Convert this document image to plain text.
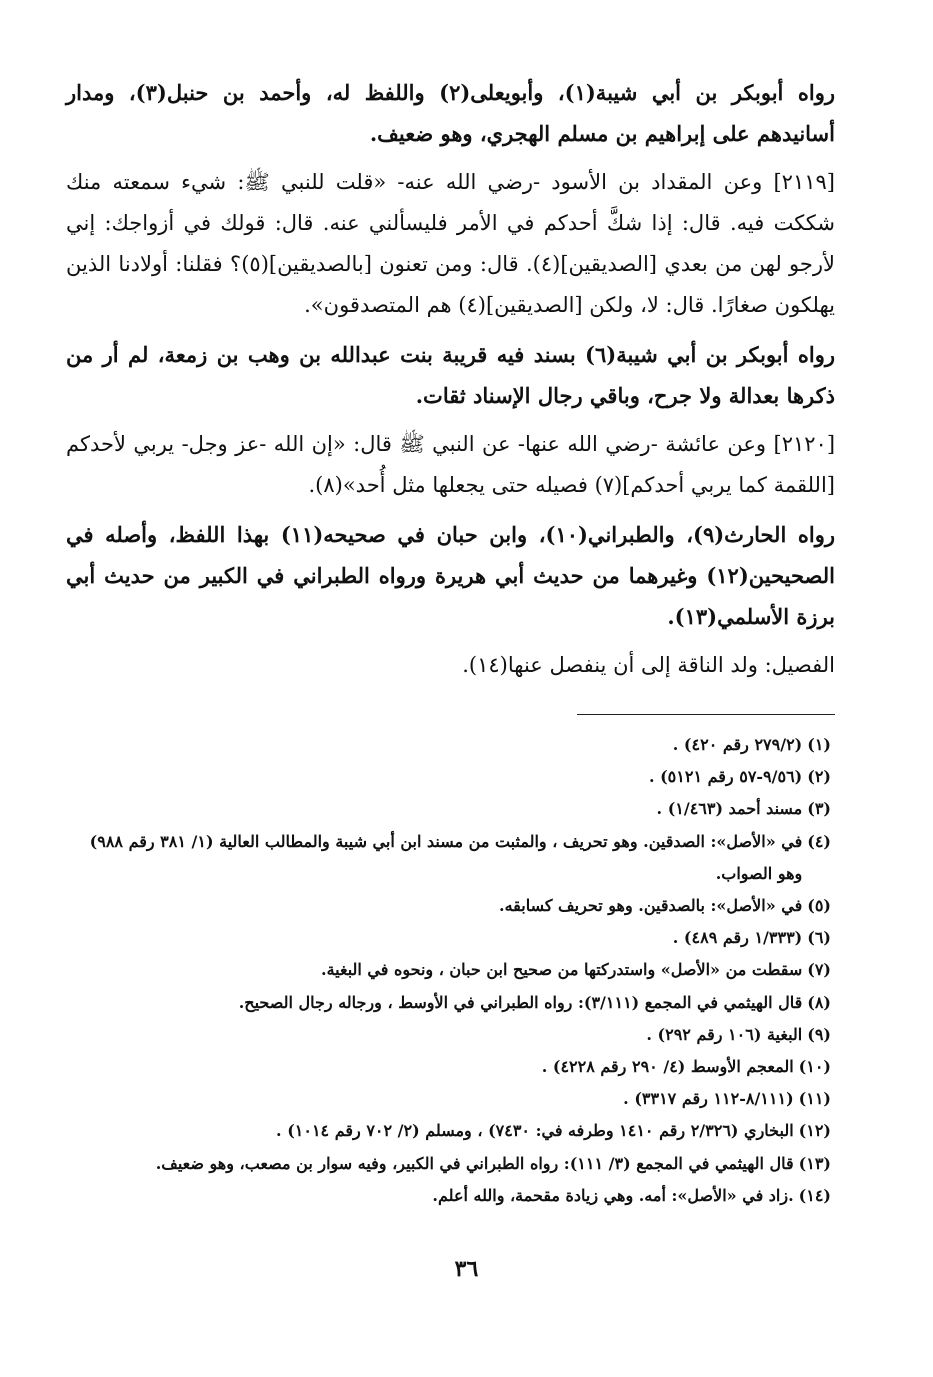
رواه أبوبكر بن أبي شيبة(١)، وأبويعلى(٢) واللفظ له، وأحمد بن حنبل(٣)، ومدار أسانيدهم على إبراهيم بن مسلم الهجري، وهو ضعيف.

[٢١١٩] وعن المقداد بن الأسود -رضي الله عنه- «قلت للنبي ﷺ: شيء سمعته منك شككت فيه. قال: إذا شكَّ أحدكم في الأمر فليسألني عنه. قال: قولك في أزواجك: إني لأرجو لهن من بعدي [الصديقين](٤). قال: ومن تعنون [بالصديقين](٥)؟ فقلنا: أولادنا الذين يهلكون صغارًا. قال: لا، ولكن [الصديقين](٤) هم المتصدقون».

رواه أبوبكر بن أبي شيبة(٦) بسند فيه قريبة بنت عبدالله بن وهب بن زمعة، لم أر من ذكرها بعدالة ولا جرح، وباقي رجال الإسناد ثقات.

[٢١٢٠] وعن عائشة -رضي الله عنها- عن النبي ﷺ قال: «إن الله -عز وجل- يربي لأحدكم [اللقمة كما يربي أحدكم](٧) فصيله حتى يجعلها مثل أُحد»(٨).

رواه الحارث(٩)، والطبراني(١٠)، وابن حبان في صحيحه(١١) بهذا اللفظ، وأصله في الصحيحين(١٢) وغيرهما من حديث أبي هريرة ورواه الطبراني في الكبير من حديث أبي برزة الأسلمي(١٣).

الفصيل: ولد الناقة إلى أن ينفصل عنها(١٤).

(١)
(٢٧٩/٢ رقم ٤٢٠) .
(٢)
(٩/٥٦-٥٧ رقم ٥١٢١) .
(٣)
مسند أحمد (١/٤٦٣) .
(٤)
في «الأصل»: الصدقين. وهو تحريف ، والمثبت من مسند ابن أبي شيبة والمطالب العالية (١/ ٣٨١ رقم ٩٨٨) وهو الصواب.
(٥)
في «الأصل»: بالصدقين. وهو تحريف كسابقه.
(٦)
(١/٣٣٣ رقم ٤٨٩) .
(٧)
سقطت من «الأصل» واستدركتها من صحيح ابن حبان ، ونحوه في البغية.
(٨)
قال الهيثمي في المجمع (٣/١١١): رواه الطبراني في الأوسط ، ورجاله رجال الصحيح.
(٩)
البغية (١٠٦ رقم ٢٩٢) .
(١٠)
المعجم الأوسط (٤/ ٢٩٠ رقم ٤٢٢٨) .
(١١)
(٨/١١١-١١٢ رقم ٣٣١٧) .
(١٢)
البخاري (٢/٣٢٦ رقم ١٤١٠ وطرفه في: ٧٤٣٠) ، ومسلم (٢/ ٧٠٢ رقم ١٠١٤) .
(١٣)
قال الهيثمي في المجمع (٣/ ١١١): رواه الطبراني في الكبير، وفيه سوار بن مصعب، وهو ضعيف.
(١٤)
.زاد في «الأصل»: أمه. وهي زيادة مقحمة، والله أعلم.
٣٦
